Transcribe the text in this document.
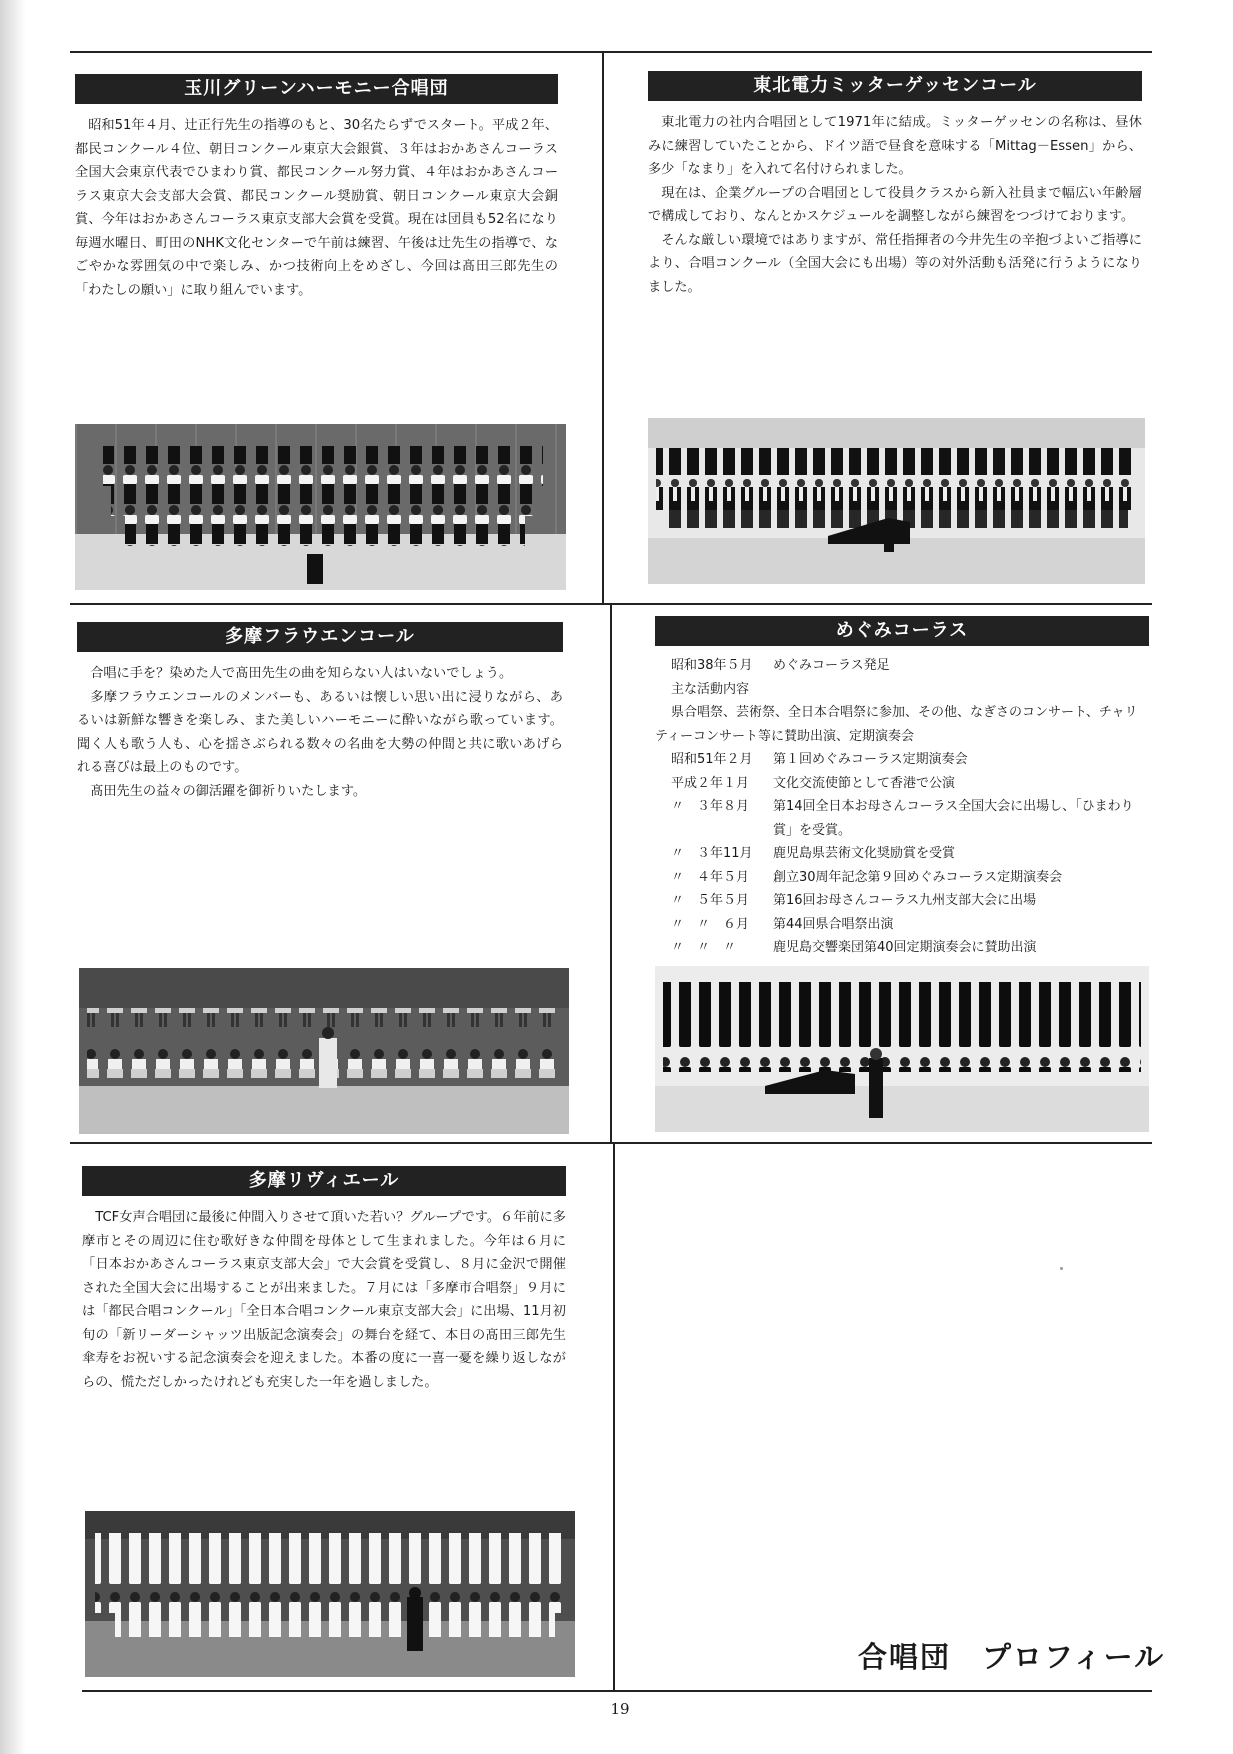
玉川グリーンハーモニー合唱団

昭和51年４月、辻正行先生の指導のもと、30名たらずでスタート。平成２年、都民コンクール４位、朝日コンクール東京大会銀賞、３年はおかあさんコーラス全国大会東京代表でひまわり賞、都民コンクール努力賞、４年はおかあさんコーラス東京大会支部大会賞、都民コンクール奨励賞、朝日コンクール東京大会銅賞、今年はおかあさんコーラス東京支部大会賞を受賞。現在は団員も52名になり毎週水曜日、町田のNHK文化センターで午前は練習、午後は辻先生の指導で、なごやかな雰囲気の中で楽しみ、かつ技術向上をめざし、今回は髙田三郎先生の「わたしの願い」に取り組んでいます。

東北電力ミッターゲッセンコール

東北電力の社内合唱団として1971年に結成。ミッターゲッセンの名称は、昼休みに練習していたことから、ドイツ語で昼食を意味する「Mittag－Essen」から、多少「なまり」を入れて名付けられました。

現在は、企業グループの合唱団として役員クラスから新入社員まで幅広い年齢層で構成しており、なんとかスケジュールを調整しながら練習をつづけております。

そんな厳しい環境ではありますが、常任指揮者の今井先生の辛抱づよいご指導により、合唱コンクール（全国大会にも出場）等の対外活動も活発に行うようになりました。

多摩フラウエンコール

合唱に手を？染めた人で髙田先生の曲を知らない人はいないでしょう。

多摩フラウエンコールのメンバーも、あるいは懐しい思い出に浸りながら、あるいは新鮮な響きを楽しみ、また美しいハーモニーに酔いながら歌っています。聞く人も歌う人も、心を揺さぶられる数々の名曲を大勢の仲間と共に歌いあげられる喜びは最上のものです。

髙田先生の益々の御活躍を御祈りいたします。

めぐみコーラス
昭和38年５月	めぐみコーラス発足
主な活動内容
県合唱祭、芸術祭、全日本合唱祭に参加、その他、なぎさのコンサート、チャリティーコンサート等に賛助出演、定期演奏会
昭和51年２月	第１回めぐみコーラス定期演奏会
平成２年１月	文化交流使節として香港で公演
〃　３年８月	第14回全日本お母さんコーラス全国大会に出場し、「ひまわり賞」を受賞。
〃　３年11月	鹿児島県芸術文化奨励賞を受賞
〃　４年５月	創立30周年記念第９回めぐみコーラス定期演奏会
〃　５年５月	第16回お母さんコーラス九州支部大会に出場
〃　〃　６月	第44回県合唱祭出演
〃　〃　〃	鹿児島交響楽団第40回定期演奏会に賛助出演
多摩リヴィエール

TCF女声合唱団に最後に仲間入りさせて頂いた若い？グループです。６年前に多摩市とその周辺に住む歌好きな仲間を母体として生まれました。今年は６月に「日本おかあさんコーラス東京支部大会」で大会賞を受賞し、８月に金沢で開催された全国大会に出場することが出来ました。７月には「多摩市合唱祭」９月には「都民合唱コンクール」「全日本合唱コンクール東京支部大会」に出場、11月初旬の「新リーダーシャッツ出版記念演奏会」の舞台を経て、本日の髙田三郎先生傘寿をお祝いする記念演奏会を迎えました。本番の度に一喜一憂を繰り返しながらの、慌ただしかったけれども充実した一年を過しました。

合唱団　プロフィール
19
